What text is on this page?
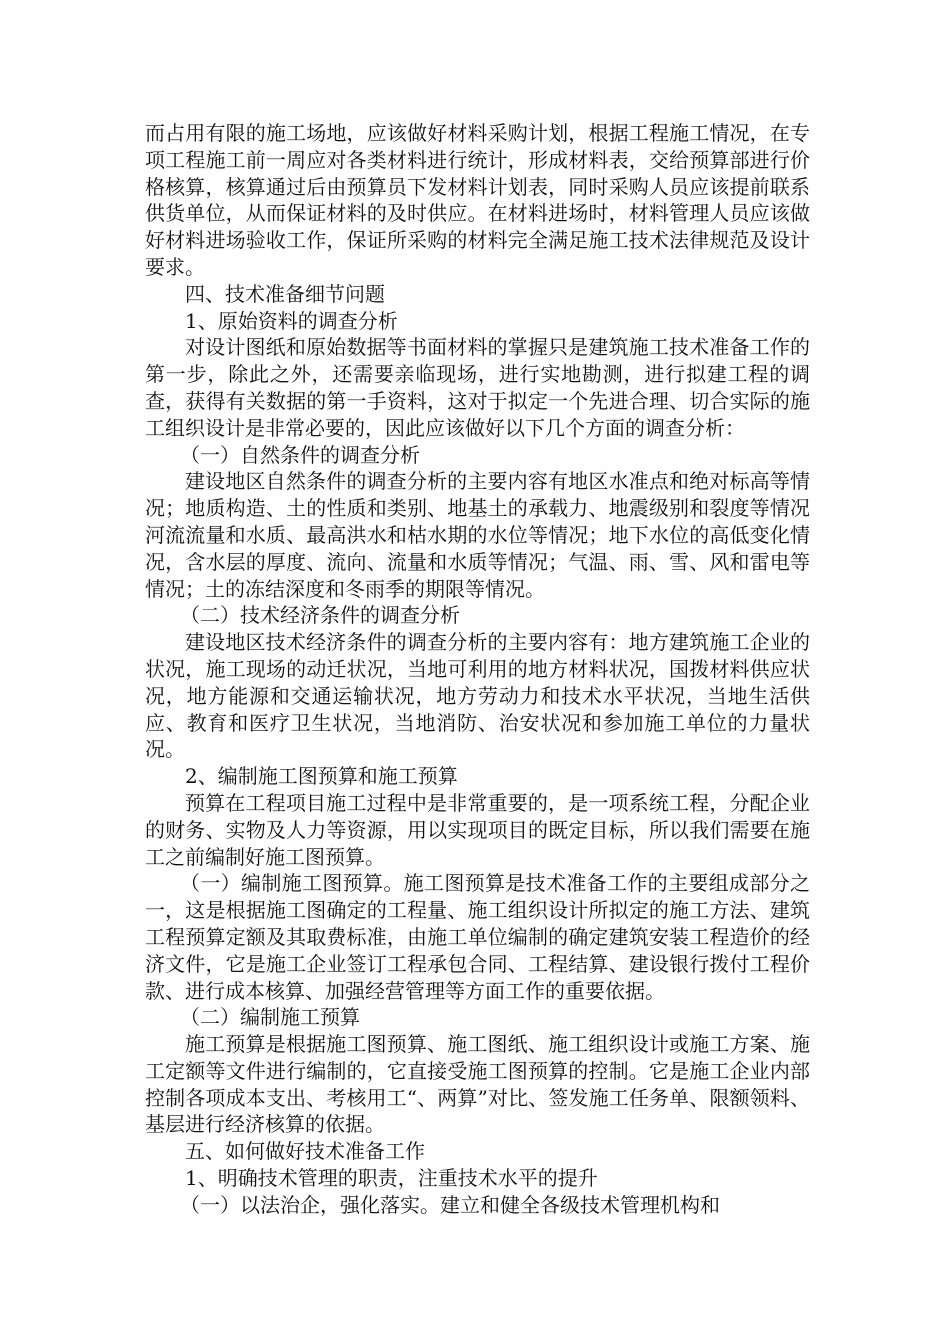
而占用有限的施工场地，应该做好材料采购计划，根据工程施工情况，在专项工程施工前一周应对各类材料进行统计，形成材料表，交给预算部进行价格核算，核算通过后由预算员下发材料计划表，同时采购人员应该提前联系供货单位，从而保证材料的及时供应。在材料进场时，材料管理人员应该做好材料进场验收工作，保证所采购的材料完全满足施工技术法律规范及设计要求。

四、技术准备细节问题

1、原始资料的调查分析

对设计图纸和原始数据等书面材料的掌握只是建筑施工技术准备工作的第一步，除此之外，还需要亲临现场，进行实地勘测，进行拟建工程的调查，获得有关数据的第一手资料，这对于拟定一个先进合理、切合实际的施工组织设计是非常必要的，因此应该做好以下几个方面的调查分析：

（一）自然条件的调查分析

建设地区自然条件的调查分析的主要内容有地区水准点和绝对标高等情况；地质构造、土的性质和类别、地基土的承载力、地震级别和裂度等情况河流流量和水质、最高洪水和枯水期的水位等情况；地下水位的高低变化情况，含水层的厚度、流向、流量和水质等情况；气温、雨、雪、风和雷电等情况；土的冻结深度和冬雨季的期限等情况。

（二）技术经济条件的调查分析

建设地区技术经济条件的调查分析的主要内容有：地方建筑施工企业的状况，施工现场的动迁状况，当地可利用的地方材料状况，国拨材料供应状况，地方能源和交通运输状况，地方劳动力和技术水平状况，当地生活供应、教育和医疗卫生状况，当地消防、治安状况和参加施工单位的力量状况。

2、编制施工图预算和施工预算

预算在工程项目施工过程中是非常重要的，是一项系统工程，分配企业的财务、实物及人力等资源，用以实现项目的既定目标，所以我们需要在施工之前编制好施工图预算。

（一）编制施工图预算。施工图预算是技术准备工作的主要组成部分之一，这是根据施工图确定的工程量、施工组织设计所拟定的施工方法、建筑工程预算定额及其取费标准，由施工单位编制的确定建筑安装工程造价的经济文件，它是施工企业签订工程承包合同、工程结算、建设银行拨付工程价款、进行成本核算、加强经营管理等方面工作的重要依据。

（二）编制施工预算

施工预算是根据施工图预算、施工图纸、施工组织设计或施工方案、施工定额等文件进行编制的，它直接受施工图预算的控制。它是施工企业内部控制各项成本支出、考核用工“、两算”对比、签发施工任务单、限额领料、基层进行经济核算的依据。

五、如何做好技术准备工作

1、明确技术管理的职责，注重技术水平的提升

（一）以法治企，强化落实。建立和健全各级技术管理机构和
